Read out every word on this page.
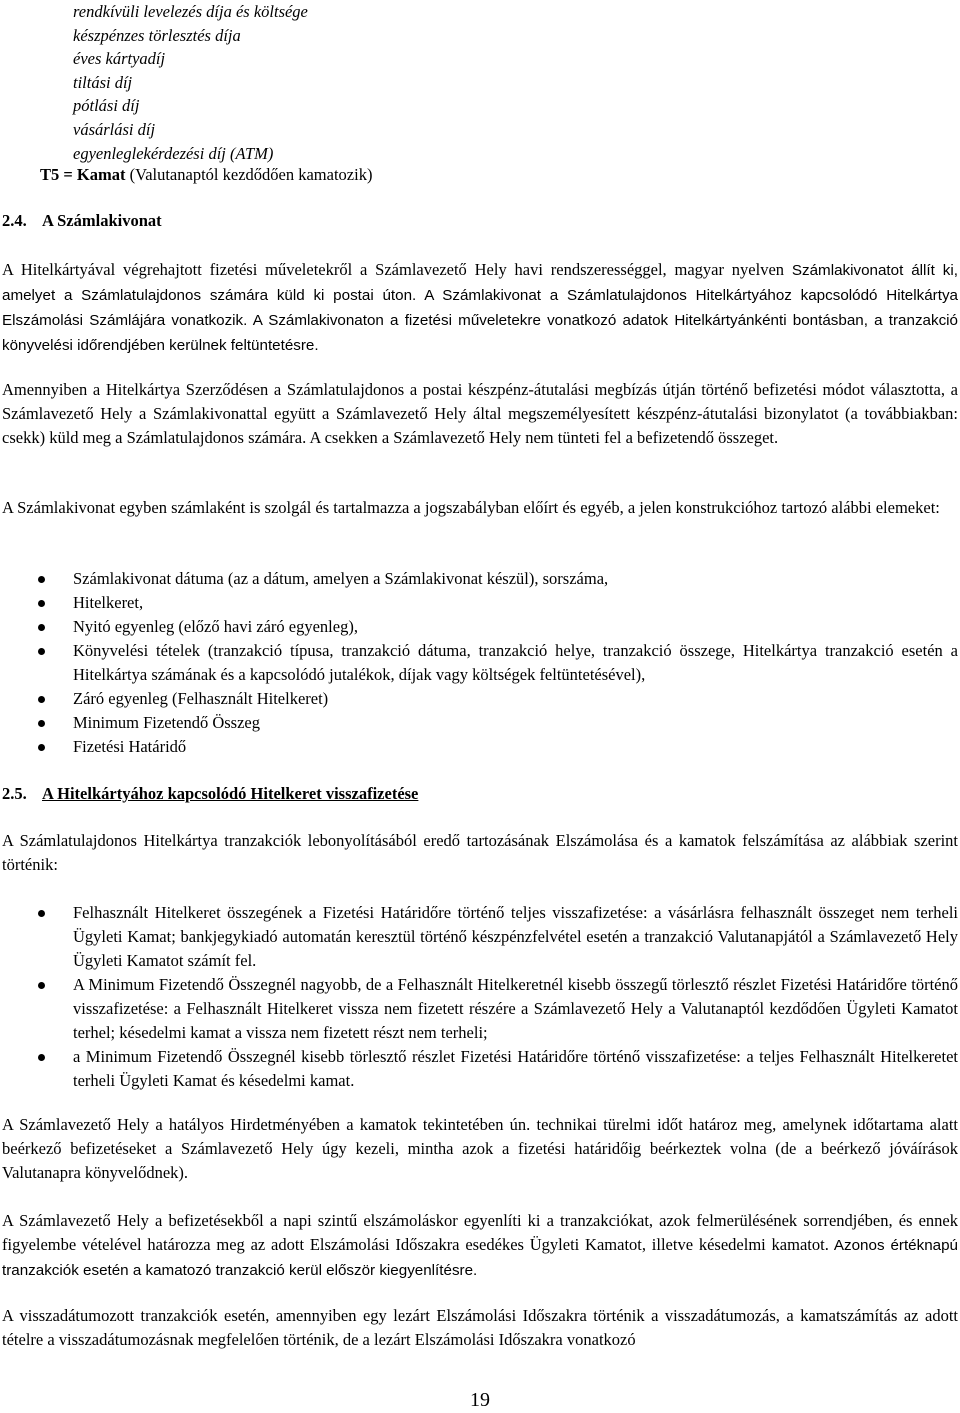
rendkívüli levelezés díja és költsége
készpénzes törlesztés díja
éves kártyadíj
tiltási díj
pótlási díj
vásárlási díj
egyenleglekérdezési díj (ATM)
T5 = Kamat (Valutanaptól kezdődően kamatozik)
2.4. A Számlakivonat
A Hitelkártyával végrehajtott fizetési műveletekről a Számlavezető Hely havi rendszerességgel, magyar nyelven Számlakivonatot állít ki, amelyet a Számlatulajdonos számára küld ki postai úton. A Számlakivonat a Számlatulajdonos Hitelkártyához kapcsolódó Hitelkártya Elszámolási Számlájára vonatkozik. A Számlakivonaton a fizetési műveletekre vonatkozó adatok Hitelkártyánkénti bontásban, a tranzakció könyvelési időrendjében kerülnek feltüntetésre.
Amennyiben a Hitelkártya Szerződésen a Számlatulajdonos a postai készpénz-átutalási megbízás útján történő befizetési módot választotta, a Számlavezető Hely a Számlakivonattal együtt a Számlavezető Hely által megszemélyesített készpénz-átutalási bizonylatot (a továbbiakban: csekk) küld meg a Számlatulajdonos számára. A csekken a Számlavezető Hely nem tünteti fel a befizetendő összeget.
A Számlakivonat egyben számlaként is szolgál és tartalmazza a jogszabályban előírt és egyéb, a jelen konstrukcióhoz tartozó alábbi elemeket:
Számlakivonat dátuma (az a dátum, amelyen a Számlakivonat készül), sorszáma,
Hitelkeret,
Nyitó egyenleg (előző havi záró egyenleg),
Könyvelési tételek (tranzakció típusa, tranzakció dátuma, tranzakció helye, tranzakció összege, Hitelkártya tranzakció esetén a Hitelkártya számának és a kapcsolódó jutalékok, díjak vagy költségek feltüntetésével),
Záró egyenleg (Felhasznált Hitelkeret)
Minimum Fizetendő Összeg
Fizetési Határidő
2.5. A Hitelkártyához kapcsolódó Hitelkeret visszafizetése
A Számlatulajdonos Hitelkártya tranzakciók lebonyolításából eredő tartozásának Elszámolása és a kamatok felszámítása az alábbiak szerint történik:
Felhasznált Hitelkeret összegének a Fizetési Határidőre történő teljes visszafizetése: a vásárlásra felhasznált összeget nem terheli Ügyleti Kamat; bankjegykiadó automatán keresztül történő készpénzfelvétel esetén a tranzakció Valutanapjától a Számlavezető Hely Ügyleti Kamatot számít fel.
A Minimum Fizetendő Összegnél nagyobb, de a Felhasznált Hitelkeretnél kisebb összegű törlesztő részlet Fizetési Határidőre történő visszafizetése: a Felhasznált Hitelkeret vissza nem fizetett részére a Számlavezető Hely a Valutanaptól kezdődően Ügyleti Kamatot terhel; késedelmi kamat a vissza nem fizetett részt nem terheli;
a Minimum Fizetendő Összegnél kisebb törlesztő részlet Fizetési Határidőre történő visszafizetése: a teljes Felhasznált Hitelkeretet terheli Ügyleti Kamat és késedelmi kamat.
A Számlavezető Hely a hatályos Hirdetményében a kamatok tekintetében ún. technikai türelmi időt határoz meg, amelynek időtartama alatt beérkező befizetéseket a Számlavezető Hely úgy kezeli, mintha azok a fizetési határidőig beérkeztek volna (de a beérkező jóváírások Valutanapra könyvelődnek).
A Számlavezető Hely a befizetésekből a napi szintű elszámoláskor egyenlíti ki a tranzakciókat, azok felmerülésének sorrendjében, és ennek figyelembe vételével határozza meg az adott Elszámolási Időszakra esedékes Ügyleti Kamatot, illetve késedelmi kamatot. Azonos értéknapú tranzakciók esetén a kamatozó tranzakció kerül először kiegyenlítésre.
A visszadátumozott tranzakciók esetén, amennyiben egy lezárt Elszámolási Időszakra történik a visszadátumozás, a kamatszámítás az adott tételre a visszadátumozásnak megfelelően történik, de a lezárt Elszámolási Időszakra vonatkozó
19
